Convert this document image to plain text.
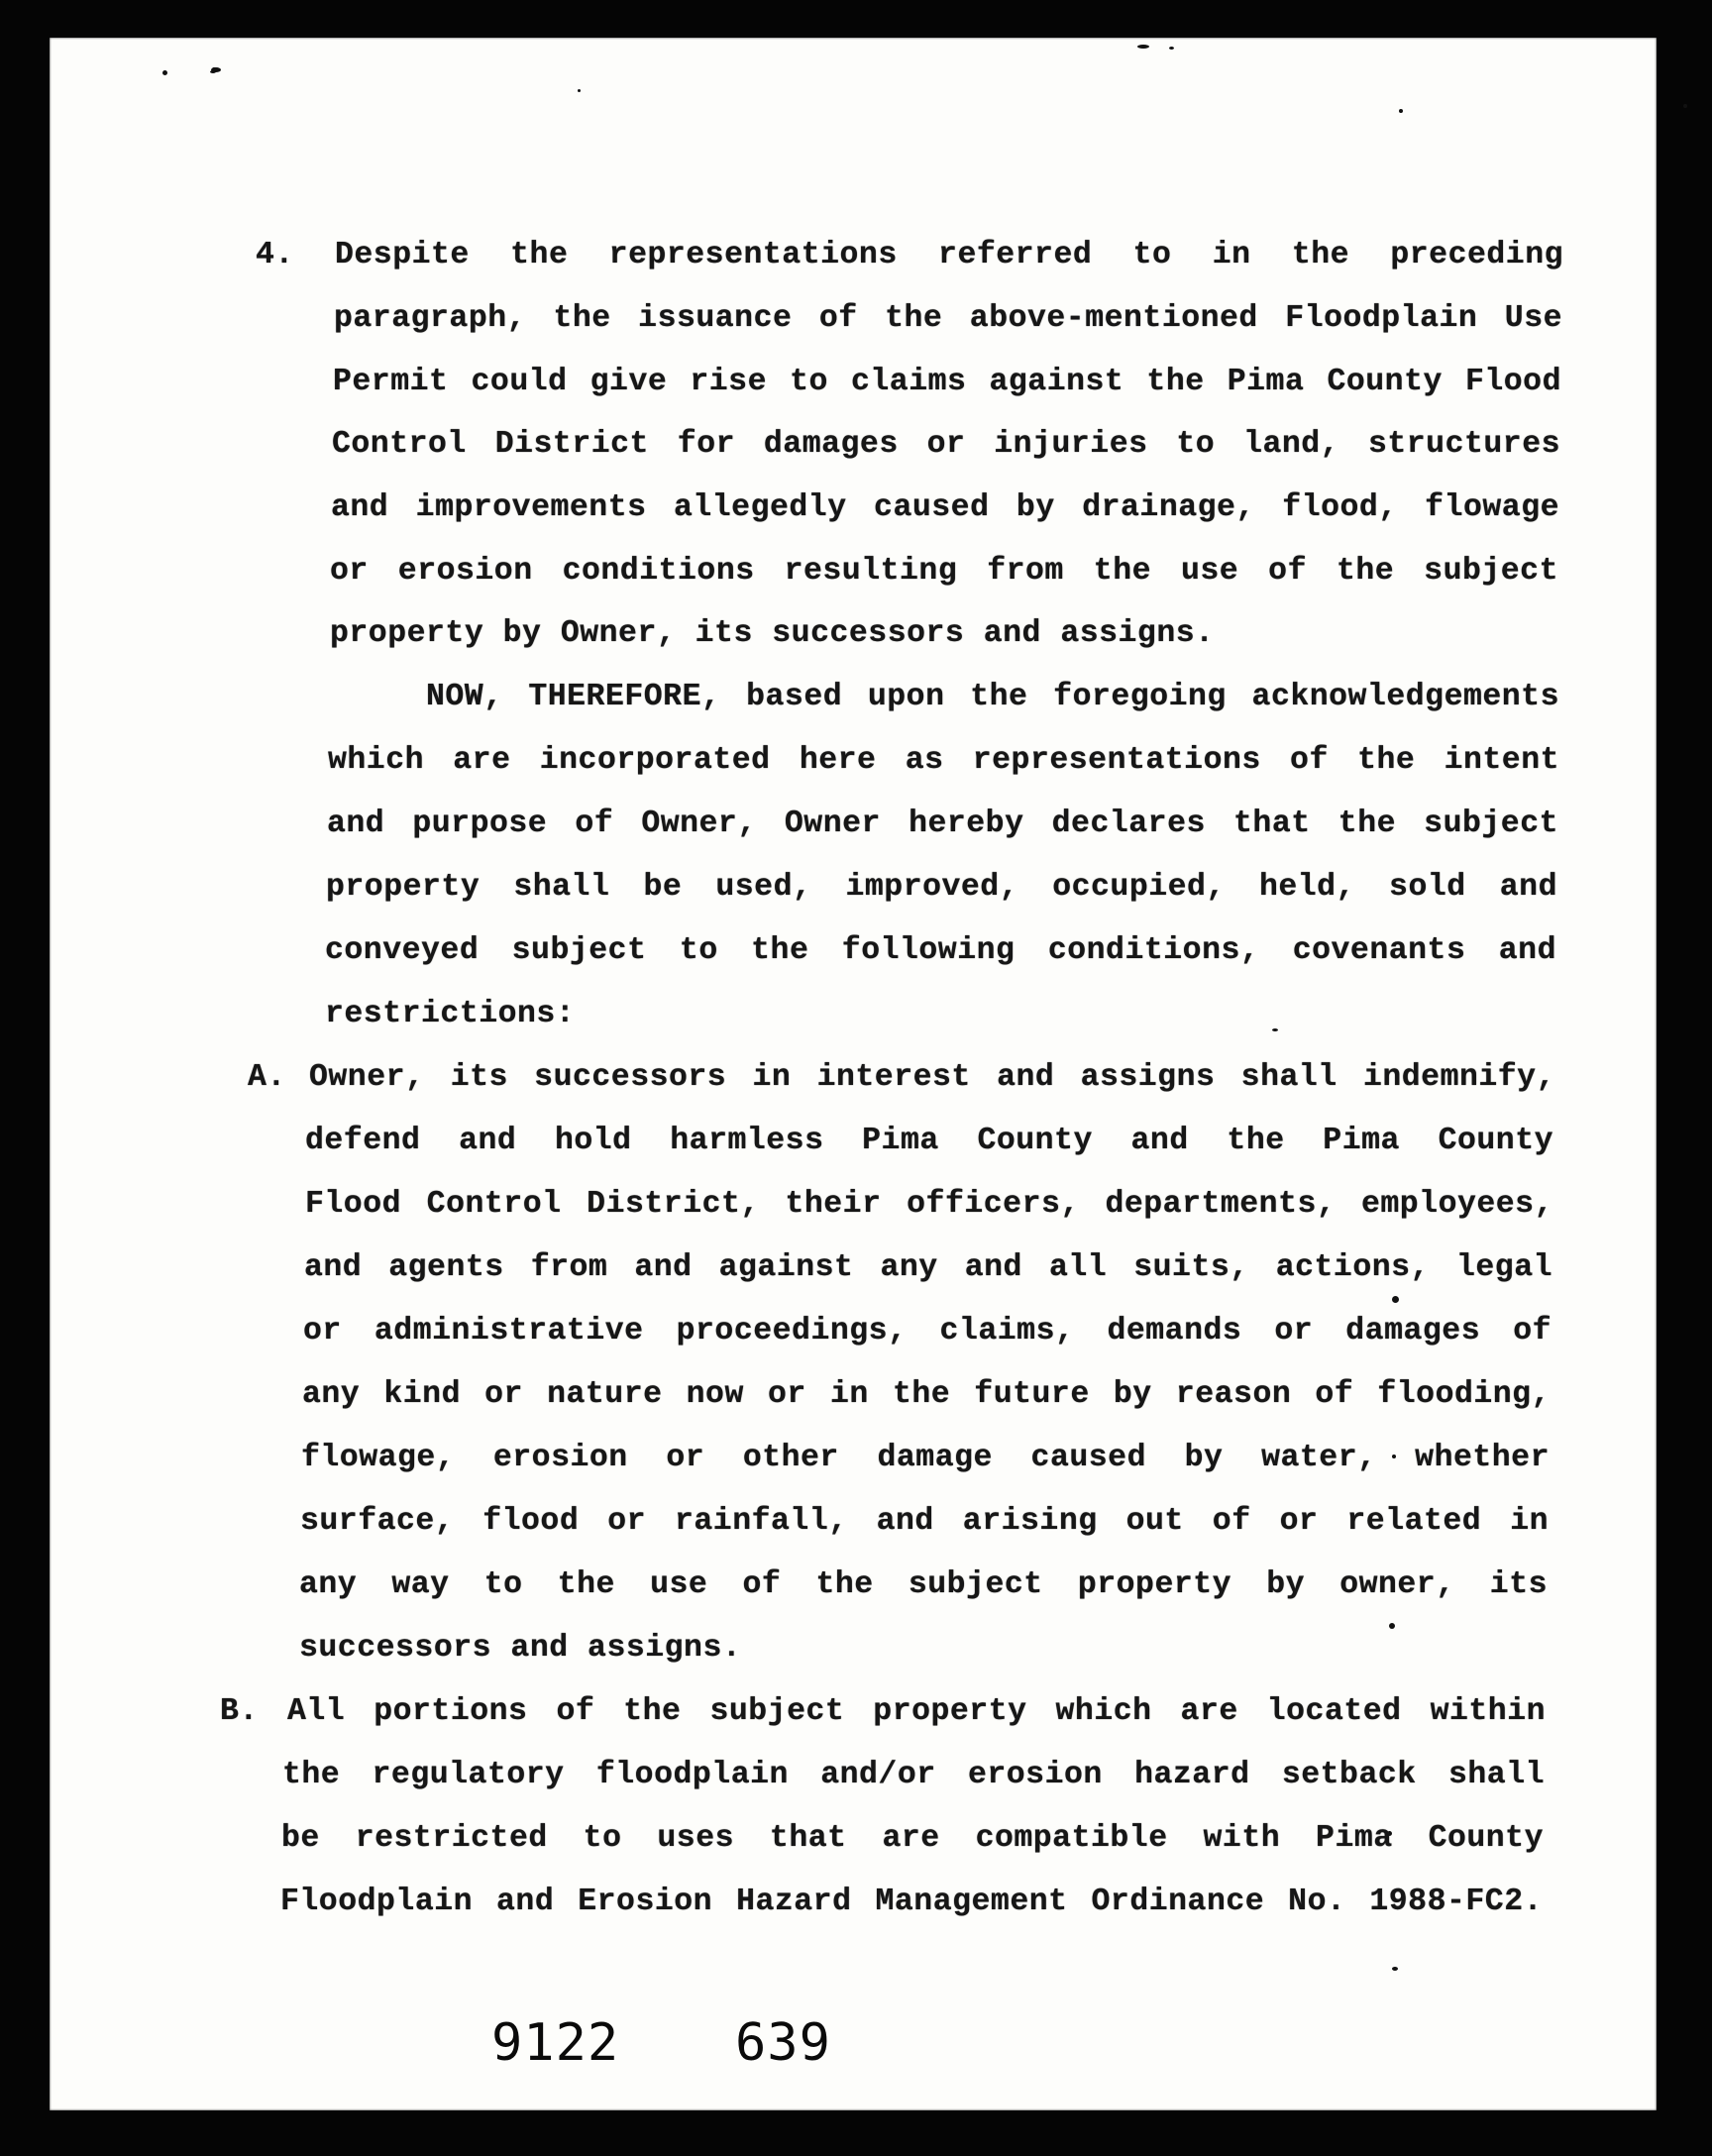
4. Despite the representations referred to in the preceding
paragraph, the issuance of the above-mentioned Floodplain Use
Permit could give rise to claims against the Pima County Flood
Control District for damages or injuries to land, structures
and improvements allegedly caused by drainage, flood, flowage
or erosion conditions resulting from the use of the subject
property by Owner, its successors and assigns.
NOW, THEREFORE, based upon the foregoing acknowledgements
which are incorporated here as representations of the intent
and purpose of Owner, Owner hereby declares that the subject
property shall be used, improved, occupied, held, sold and
conveyed subject to the following conditions, covenants and
restrictions:
A. Owner, its successors in interest and assigns shall indemnify,
defend and hold harmless Pima County and the Pima County
Flood Control District, their officers, departments, employees,
and agents from and against any and all suits, actions, legal
or administrative proceedings, claims, demands or damages of
any kind or nature now or in the future by reason of flooding,
flowage, erosion or other damage caused by water, whether
surface, flood or rainfall, and arising out of or related in
any way to the use of the subject property by owner, its
successors and assigns.
B. All portions of the subject property which are located within
the regulatory floodplain and/or erosion hazard setback shall
be restricted to uses that are compatible with Pima County
Floodplain and Erosion Hazard Management Ordinance No. 1988-FC2.
9122 639
